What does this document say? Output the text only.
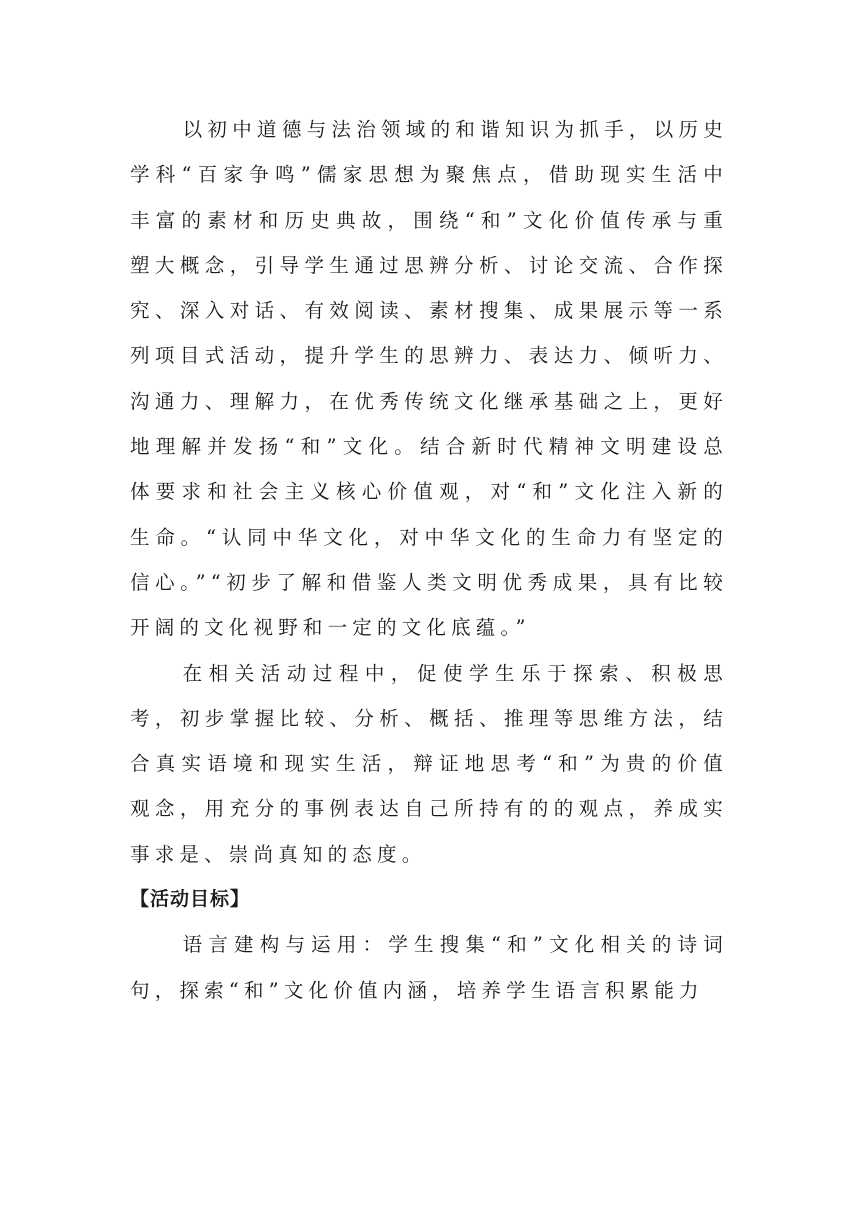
以初中道德与法治领域的和谐知识为抓手，以历史学科“百家争鸣”儒家思想为聚焦点，借助现实生活中丰富的素材和历史典故，围绕“和”文化价值传承与重塑大概念，引导学生通过思辨分析、讨论交流、合作探究、深入对话、有效阅读、素材搜集、成果展示等一系列项目式活动，提升学生的思辨力、表达力、倾听力、沟通力、理解力，在优秀传统文化继承基础之上，更好地理解并发扬“和”文化。结合新时代精神文明建设总体要求和社会主义核心价值观，对“和”文化注入新的生命。“认同中华文化，对中华文化的生命力有坚定的信心。”“初步了解和借鉴人类文明优秀成果，具有比较开阔的文化视野和一定的文化底蕴。”

在相关活动过程中，促使学生乐于探索、积极思考，初步掌握比较、分析、概括、推理等思维方法，结合真实语境和现实生活，辩证地思考“和”为贵的价值观念，用充分的事例表达自己所持有的的观点，养成实事求是、崇尚真知的态度。

【活动目标】

语言建构与运用：学生搜集“和”文化相关的诗词句，探索“和”文化价值内涵，培养学生语言积累能力
